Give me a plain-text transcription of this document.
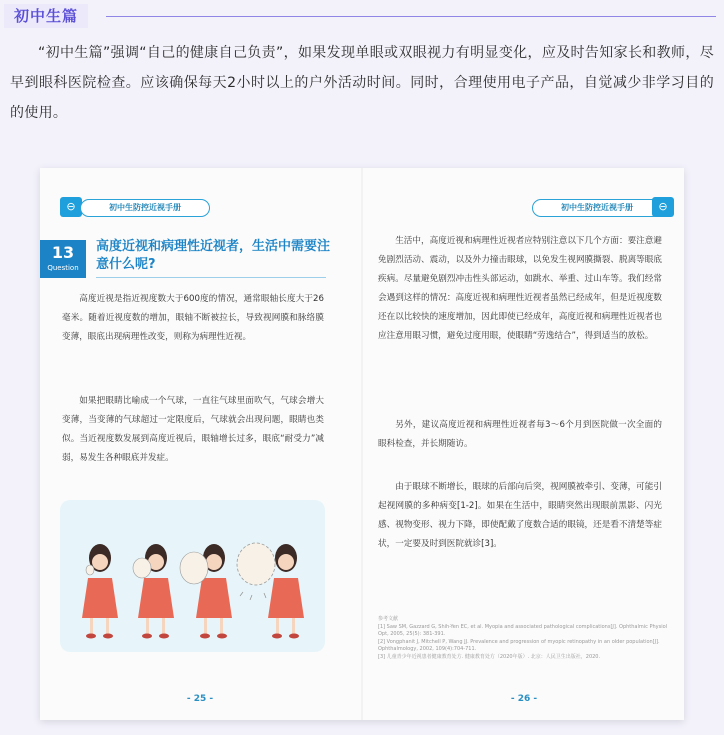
初中生篇
“初中生篇”强调“自己的健康自己负责”，如果发现单眼或双眼视力有明显变化，应及时告知家长和教师，尽早到眼科医院检查。应该确保每天2小时以上的户外活动时间。同时，合理使用电子产品，自觉减少非学习目的的使用。
⊖	初中生防控近视手册
13
Question
高度近视和病理性近视者，生活中需要注意什么呢?
高度近视是指近视度数大于600度的情况，通常眼轴长度大于26毫米。随着近视度数的增加，眼轴不断被拉长，导致视网膜和脉络膜变薄，眼底出现病理性改变，则称为病理性近视。
如果把眼睛比喻成一个气球，一直往气球里面吹气，气球会增大变薄，当变薄的气球超过一定限度后，气球就会出现问题，眼睛也类似。当近视度数发展到高度近视后，眼轴增长过多，眼底“耐受力”减弱，易发生各种眼底并发症。
- 25 -
初中生防控近视手册	⊖
生活中，高度近视和病理性近视者应特别注意以下几个方面：要注意避免剧烈活动、震动，以及外力撞击眼球，以免发生视网膜撕裂、脱离等眼底疾病。尽量避免剧烈冲击性头部运动，如跳水、举重、过山车等。我们经常会遇到这样的情况：高度近视和病理性近视者虽然已经成年，但是近视度数还在以比较快的速度增加，因此即使已经成年，高度近视和病理性近视者也应注意用眼习惯，避免过度用眼，使眼睛“劳逸结合”，得到适当的放松。
另外，建议高度近视和病理性近视者每3～6个月到医院做一次全面的眼科检查，并长期随访。
由于眼球不断增长，眼球的后部向后突，视网膜被牵引、变薄，可能引起视网膜的多种病变[1-2]。如果在生活中，眼睛突然出现眼前黑影、闪光感、视物变形、视力下降，即使配戴了度数合适的眼镜，还是看不清楚等症状，一定要及时到医院就诊[3]。
参考文献
[1] Saw SM, Gazzard G, Shih-Yen EC, et al. Myopia and associated pathological complications[J]. Ophthalmic Physiol Opt, 2005, 25(5): 381-391.
[2] Vongphanit J, Mitchell P, Wang JJ. Prevalence and progression of myopic retinopathy in an older population[J]. Ophthalmology, 2002, 109(4):704-711.
[3] 儿童青少年近视患者健康教育处方. 健康教育处方（2020年版）. 北京：人民卫生出版社，2020.
- 26 -
